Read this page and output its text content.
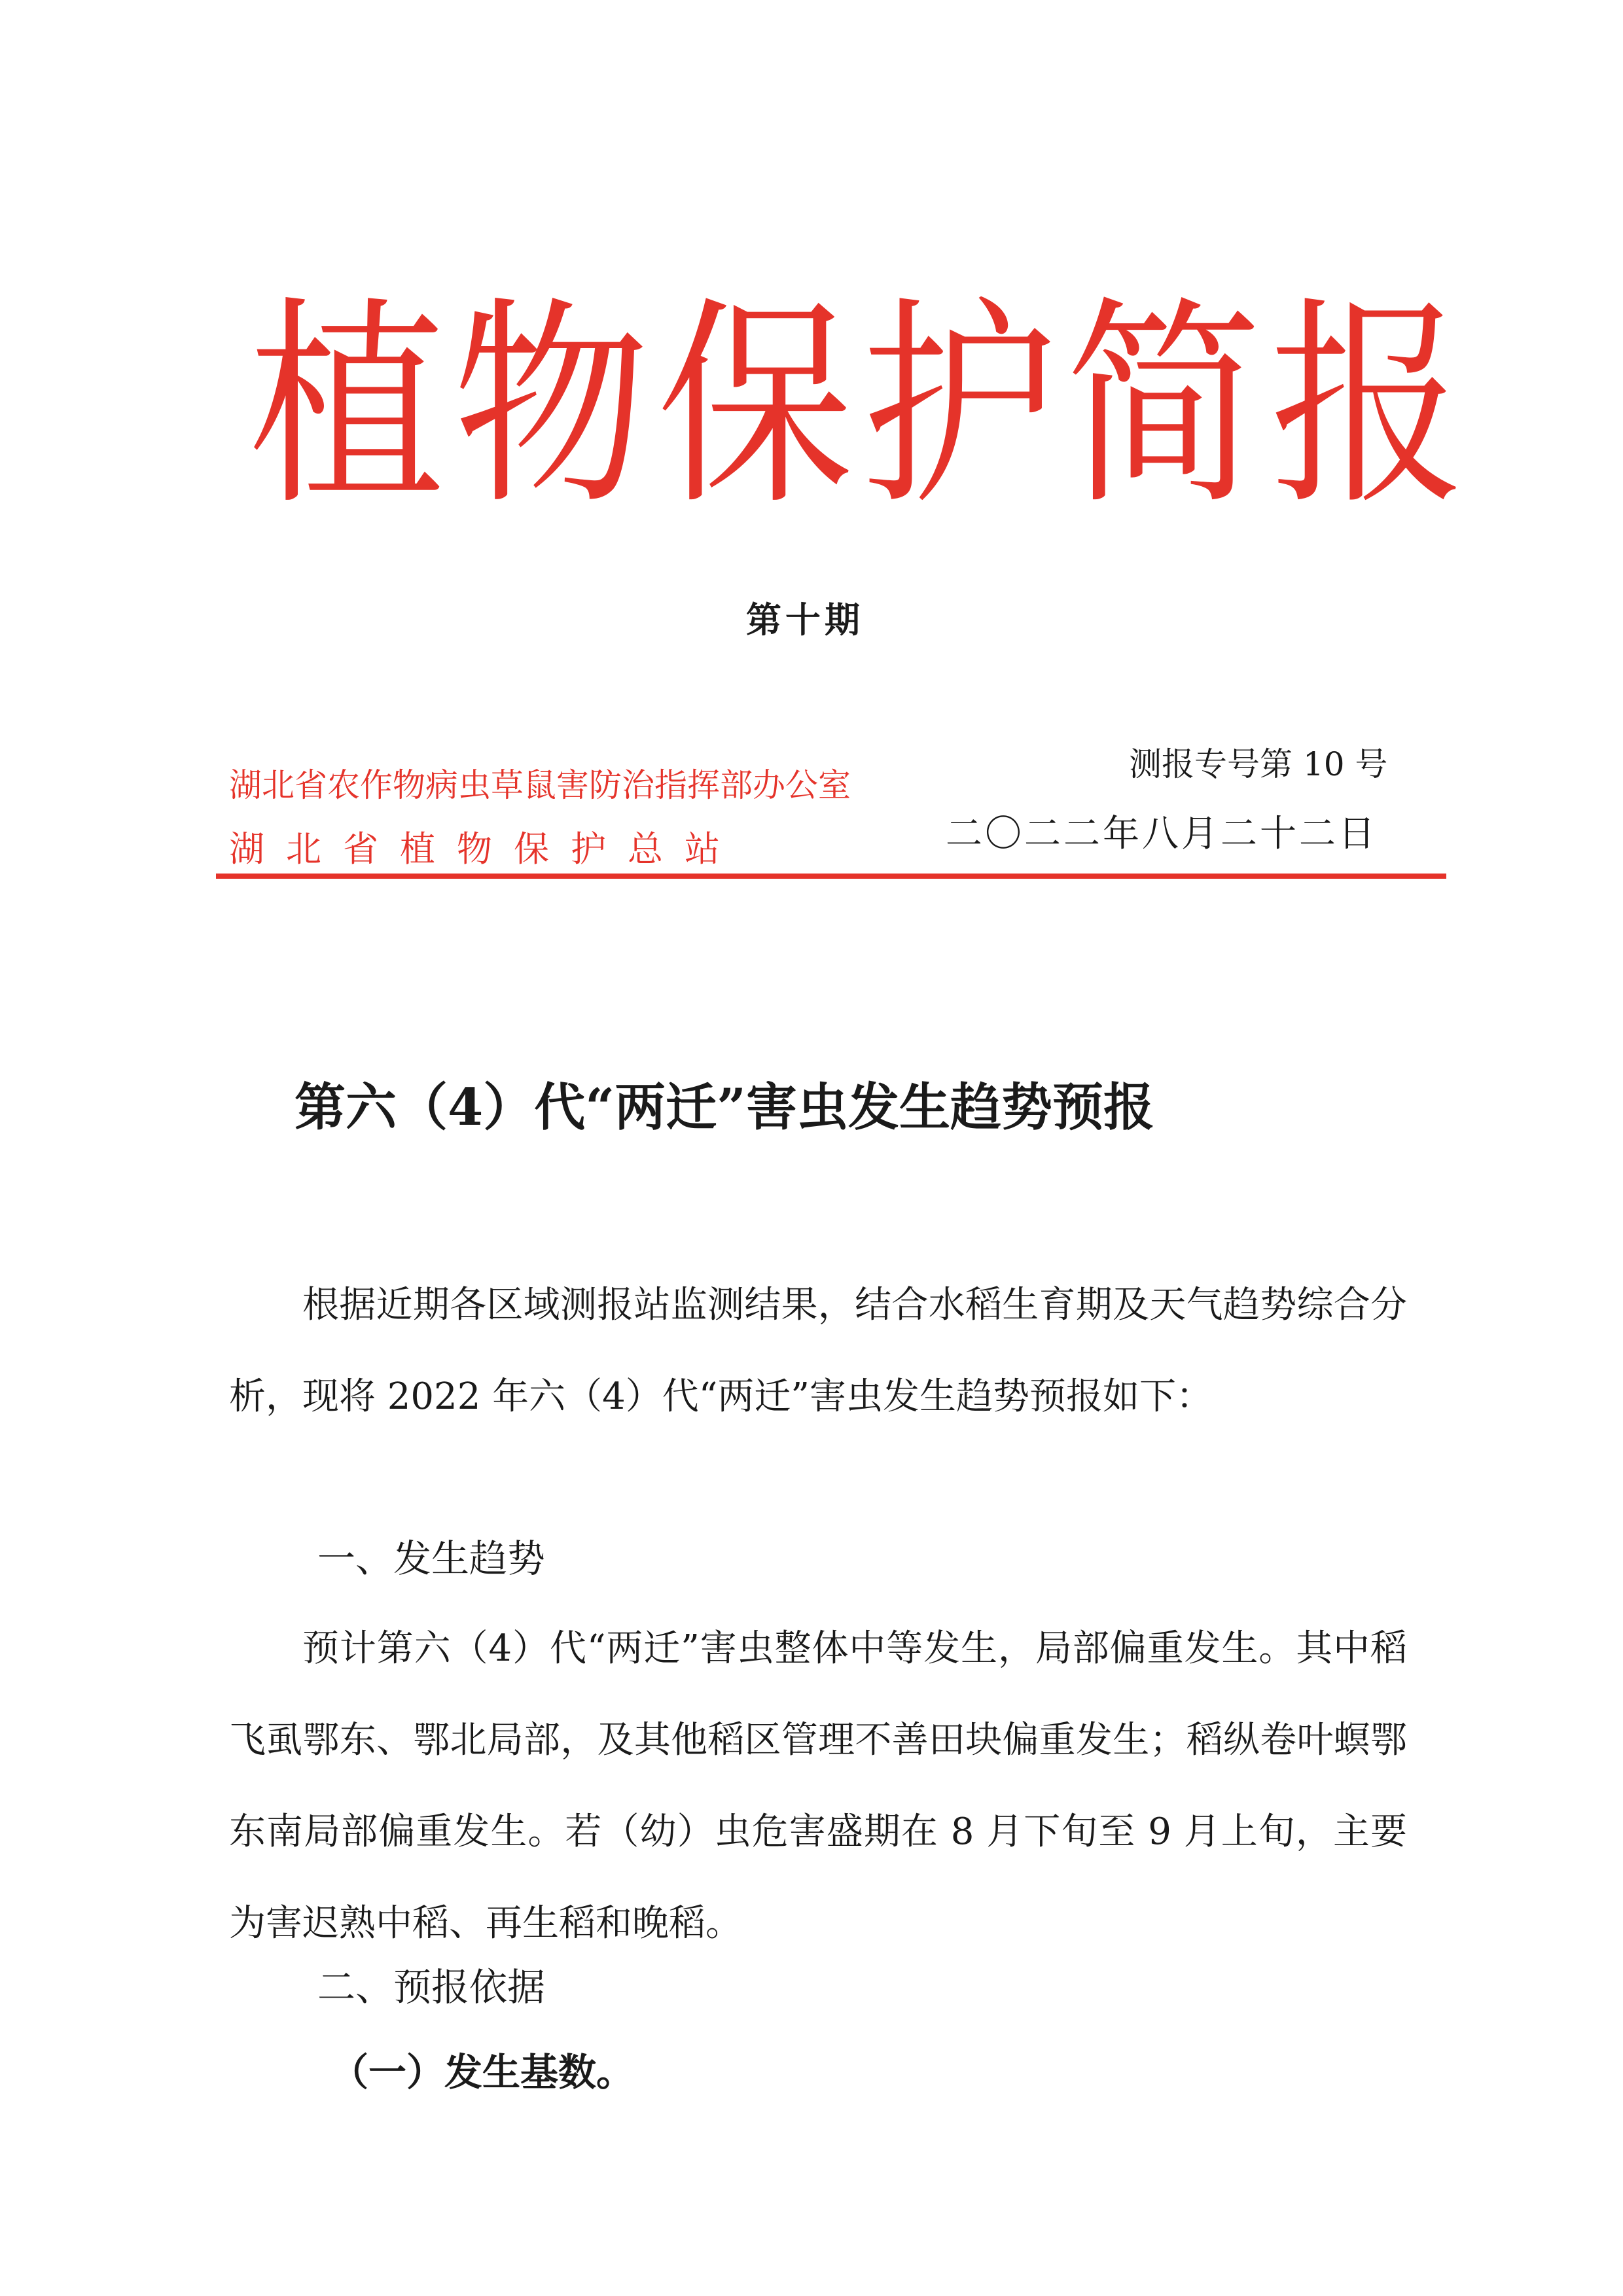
植物保护简报
第十期
湖北省农作物病虫草鼠害防治指挥部办公室
湖北省植物保护总站
测报专号第 10 号
二〇二二年八月二十二日
第六（4）代“两迁”害虫发生趋势预报
根据近期各区域测报站监测结果，结合水稻生育期及天气趋势综合分析，现将 2022 年六（4）代“两迁”害虫发生趋势预报如下：
一、发生趋势
预计第六（4）代“两迁”害虫整体中等发生，局部偏重发生。其中稻飞虱鄂东、鄂北局部，及其他稻区管理不善田块偏重发生；稻纵卷叶螟鄂东南局部偏重发生。若（幼）虫危害盛期在 8 月下旬至 9 月上旬，主要为害迟熟中稻、再生稻和晚稻。
二、预报依据
（一）发生基数。
